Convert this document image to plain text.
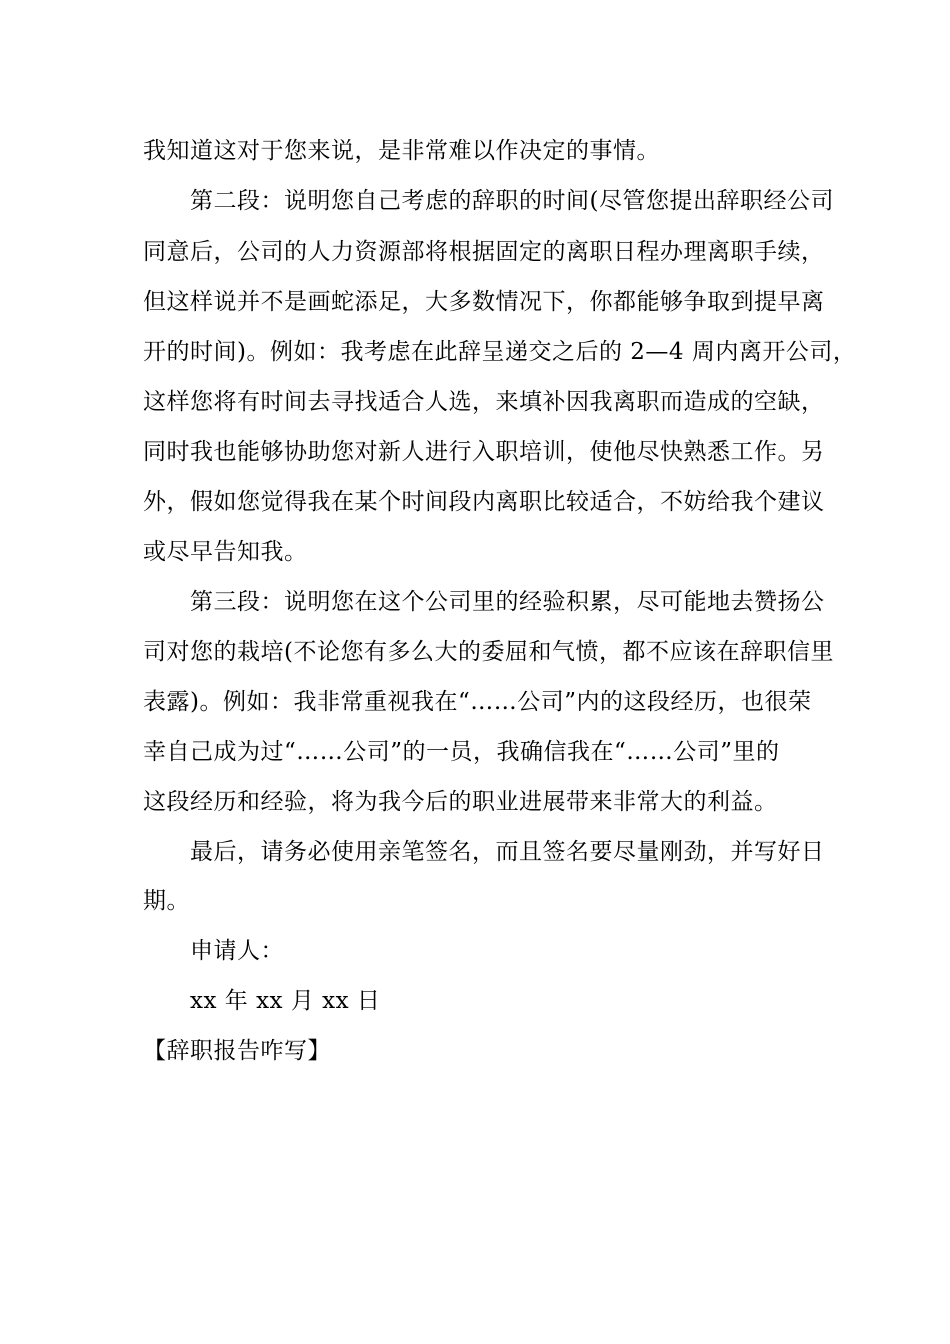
我知道这对于您来说，是非常难以作决定的事情。
第二段：说明您自己考虑的辞职的时间(尽管您提出辞职经公司
同意后，公司的人力资源部将根据固定的离职日程办理离职手续，
但这样说并不是画蛇添足，大多数情况下，你都能够争取到提早离
开的时间)。例如：我考虑在此辞呈递交之后的 2—4 周内离开公司，
这样您将有时间去寻找适合人选，来填补因我离职而造成的空缺，
同时我也能够协助您对新人进行入职培训，使他尽快熟悉工作。另
外，假如您觉得我在某个时间段内离职比较适合，不妨给我个建议
或尽早告知我。
第三段：说明您在这个公司里的经验积累，尽可能地去赞扬公
司对您的栽培(不论您有多么大的委屈和气愤，都不应该在辞职信里
表露)。例如：我非常重视我在“……公司”内的这段经历，也很荣
幸自己成为过“……公司”的一员，我确信我在“……公司”里的
这段经历和经验，将为我今后的职业进展带来非常大的利益。
最后，请务必使用亲笔签名，而且签名要尽量刚劲，并写好日
期。
申请人：
xx 年 xx 月 xx 日
【辞职报告咋写】
